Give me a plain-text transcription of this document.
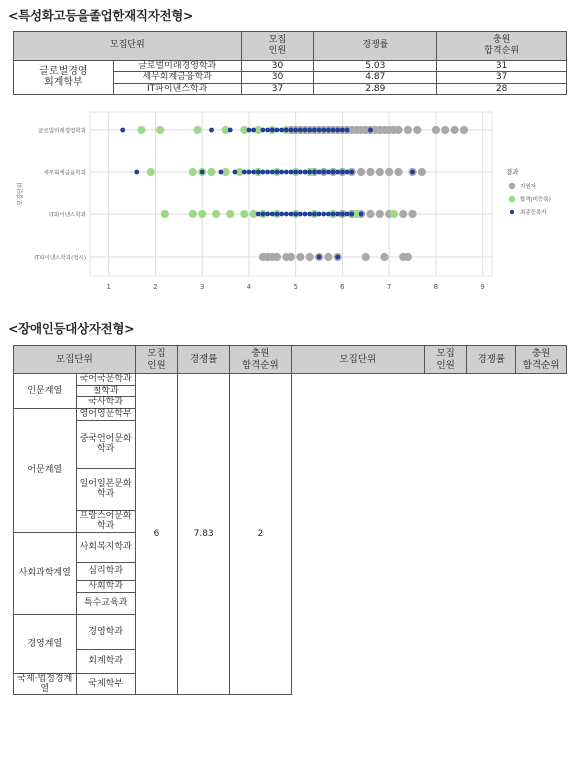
<특성화고등을졸업한재직자전형>
모집단위		모집
인원	경쟁률	충원
합격순위
글로벌경영
회계학부	글로벌미래경영학과	30	5.03	31
	세무회계금융학과	30	4.87	37
	IT파이낸스학과	37	2.89	28
1	2	3	4	5	6	7	8	9
글로벌미래경영학과
세무회계금융학과
IT파이낸스학과
IT파이낸스학과(정시)
모집단위
결과
지원자
합격(미등록)
최종등록자
<장애인등대상자전형>
모집단위		모집
인원	경쟁률	충원
합격순위	모집단위	모집
인원	경쟁률	충원
합격순위
인문계열	국어국문학과	6	7.83	2				
	철학과							
	국사학과							
어문계열	영어영문학부							
	중국언어문화학과							

	일어일본문화학과							

	프랑스어문화학과							
사회과학계열	사회복지학과							

	심리학과							
	사회학과							
	특수교육과							
경영계열	경영학과							

	회계학과							

국제·법정경계열	국제학부							
